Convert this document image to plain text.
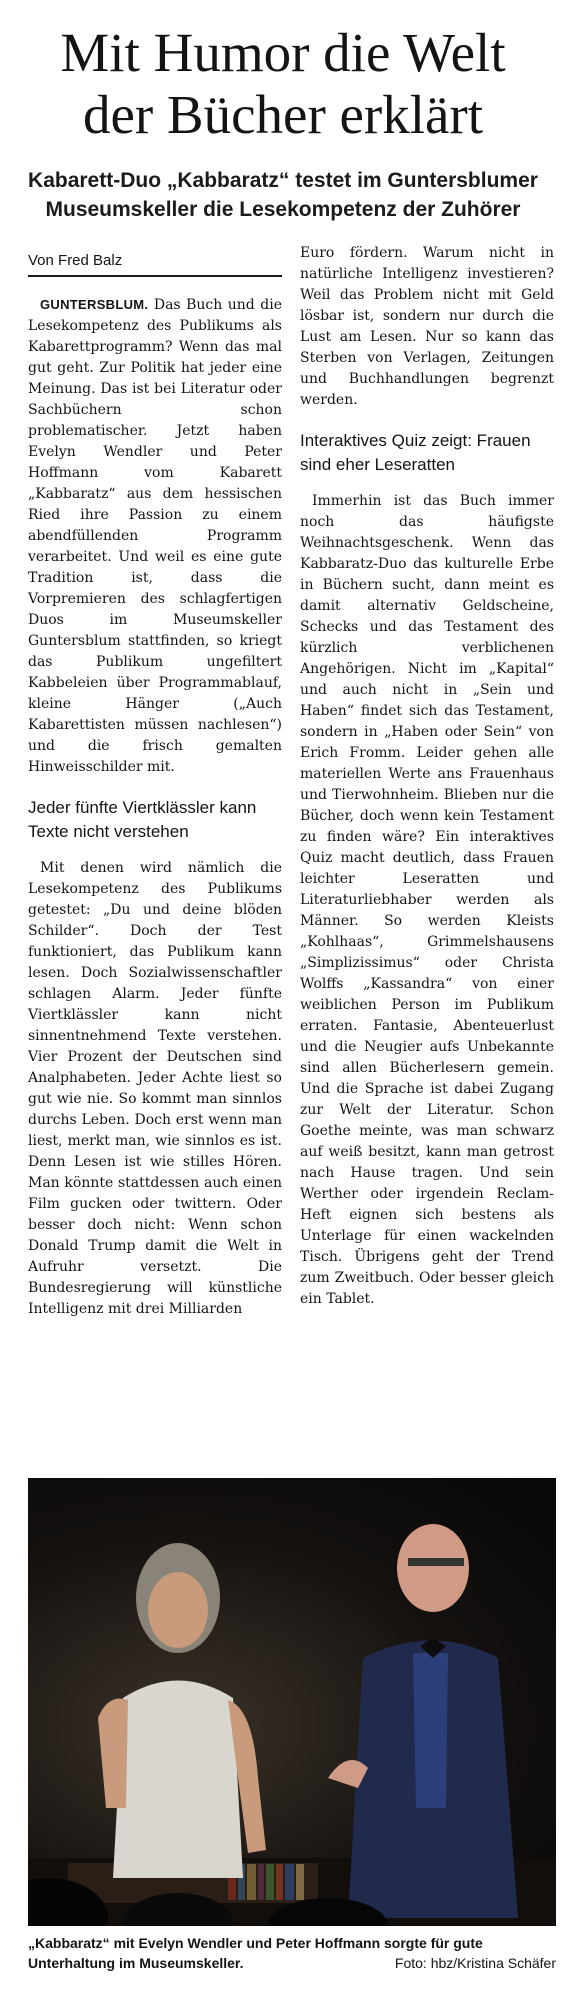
Mit Humor die Welt
der Bücher erklärt
Kabarett-Duo „Kabbaratz“ testet im Guntersblumer
Museumskeller die Lesekompetenz der Zuhörer
Von Fred Balz

GUNTERSBLUM. Das Buch und die Lesekompetenz des Publikums als Kabarettprogramm? Wenn das mal gut geht. Zur Politik hat jeder eine Meinung. Das ist bei Literatur oder Sachbüchern schon problematischer. Jetzt haben Evelyn Wendler und Peter Hoffmann vom Kabarett „Kabbaratz“ aus dem hessischen Ried ihre Passion zu einem abendfüllenden Programm verarbeitet. Und weil es eine gute Tradition ist, dass die Vorpremieren des schlagfertigen Duos im Museumskeller Guntersblum stattfinden, so kriegt das Publikum ungefiltert Kabbeleien über Programmablauf, kleine Hänger („Auch Kabarettisten müssen nachlesen“) und die frisch gemalten Hinweisschilder mit.

Jeder fünfte Viertklässler kann Texte nicht verstehen

Mit denen wird nämlich die Lesekompetenz des Publikums getestet: „Du und deine blöden Schilder“. Doch der Test funktioniert, das Publikum kann lesen. Doch Sozialwissenschaftler schlagen Alarm. Jeder fünfte Viertklässler kann nicht sinnentnehmend Texte verstehen. Vier Prozent der Deutschen sind Analphabeten. Jeder Achte liest so gut wie nie. So kommt man sinnlos durchs Leben. Doch erst wenn man liest, merkt man, wie sinnlos es ist. Denn Lesen ist wie stilles Hören. Man könnte stattdessen auch einen Film gucken oder twittern. Oder besser doch nicht: Wenn schon Donald Trump damit die Welt in Aufruhr versetzt. Die Bundesregierung will künstliche Intelligenz mit drei Milliarden

Euro fördern. Warum nicht in natürliche Intelligenz investieren? Weil das Problem nicht mit Geld lösbar ist, sondern nur durch die Lust am Lesen. Nur so kann das Sterben von Verlagen, Zeitungen und Buchhandlungen begrenzt werden.

Interaktives Quiz zeigt: Frauen sind eher Leseratten

Immerhin ist das Buch immer noch das häufigste Weihnachtsgeschenk. Wenn das Kabbaratz-Duo das kulturelle Erbe in Büchern sucht, dann meint es damit alternativ Geldscheine, Schecks und das Testament des kürzlich verblichenen Angehörigen. Nicht im „Kapital“ und auch nicht in „Sein und Haben“ findet sich das Testament, sondern in „Haben oder Sein“ von Erich Fromm. Leider gehen alle materiellen Werte ans Frauenhaus und Tierwohnheim. Blieben nur die Bücher, doch wenn kein Testament zu finden wäre? Ein interaktives Quiz macht deutlich, dass Frauen leichter Leseratten und Literaturliebhaber werden als Männer. So werden Kleists „Kohlhaas“, Grimmelshausens „Simplizissimus“ oder Christa Wolffs „Kassandra“ von einer weiblichen Person im Publikum erraten. Fantasie, Abenteuerlust und die Neugier aufs Unbekannte sind allen Bücherlesern gemein. Und die Sprache ist dabei Zugang zur Welt der Literatur. Schon Goethe meinte, was man schwarz auf weiß besitzt, kann man getrost nach Hause tragen. Und sein Werther oder irgendein Reclam-Heft eignen sich bestens als Unterlage für einen wackelnden Tisch. Übrigens geht der Trend zum Zweitbuch. Oder besser gleich ein Tablet.

„Kabbaratz“ mit Evelyn Wendler und Peter Hoffmann sorgte für gute Unterhaltung im Museumskeller.	Foto: hbz/Kristina Schäfer
